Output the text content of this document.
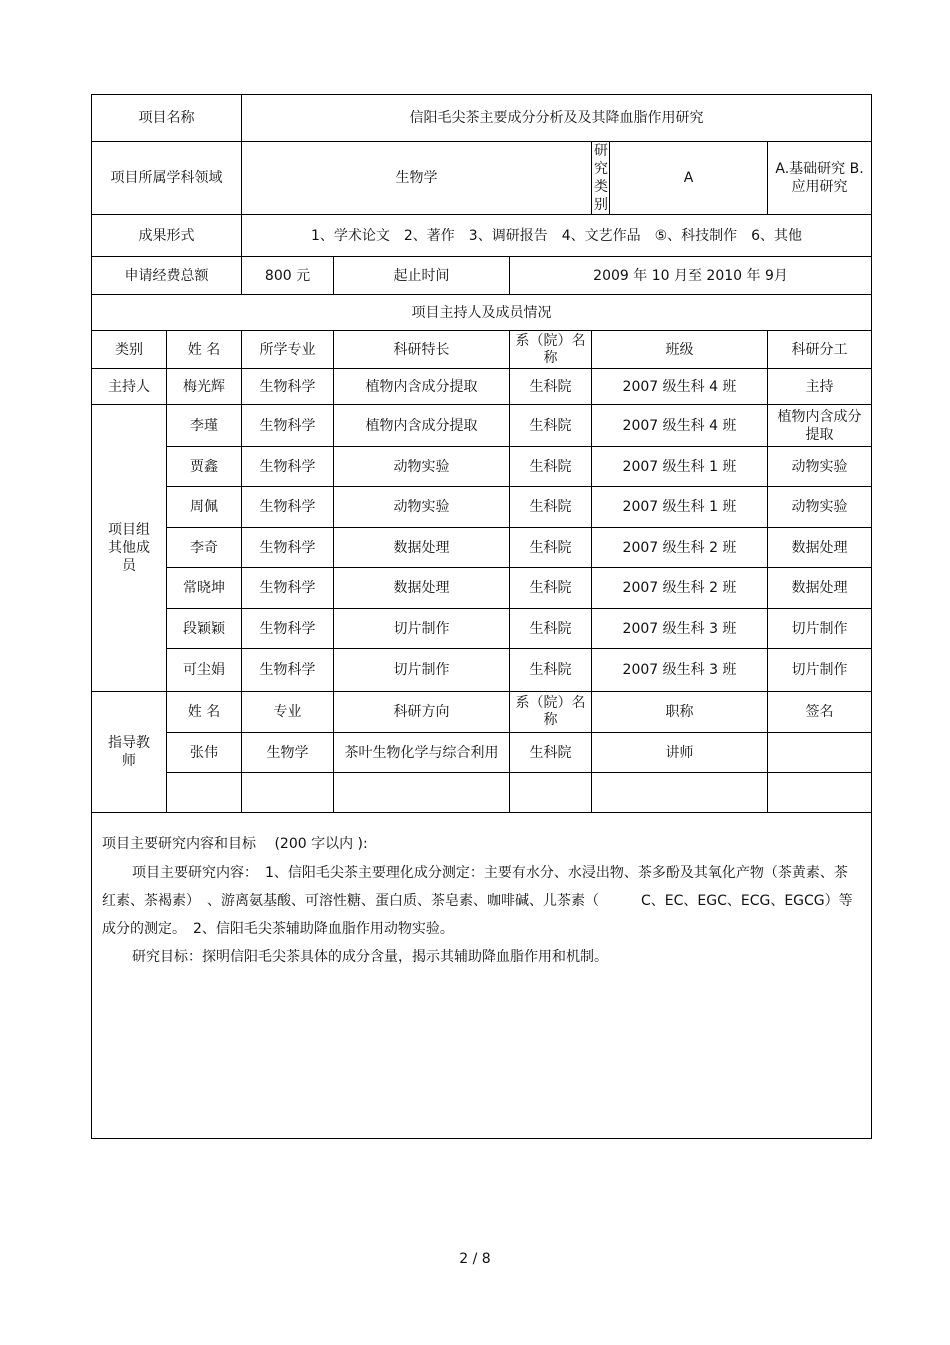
项目名称		信阳毛尖茶主要成分分析及及其降血脂作用研究					
项目所属学科领域		生物学			研究类别	A	A.基础研究 B.应用研究
成果形式		1、学术论文　2、著作　3、调研报告　4、文艺作品　⑤、科技制作　6、其他					
申请经费总额		800 元	起止时间	2009 年 10 月至 2010 年 9月			
项目主持人及成员情况							
类别	姓 名	所学专业	科研特长	系（院）名称	班级		科研分工
主持人	梅光辉	生物科学	植物内含成分提取	生科院	2007 级生科 4 班		主持
项目组其他成员	李瑾	生物科学	植物内含成分提取	生科院	2007 级生科 4 班		植物内含成分提取
	贾鑫	生物科学	动物实验	生科院	2007 级生科 1 班		动物实验
	周佩	生物科学	动物实验	生科院	2007 级生科 1 班		动物实验
	李奇	生物科学	数据处理	生科院	2007 级生科 2 班		数据处理
	常晓坤	生物科学	数据处理	生科院	2007 级生科 2 班		数据处理
	段颖颖	生物科学	切片制作	生科院	2007 级生科 3 班		切片制作
	可尘娟	生物科学	切片制作	生科院	2007 级生科 3 班		切片制作
指导教师	姓 名	专业	科研方向	系（院）名称	职称		签名
	张伟	生物学	茶叶生物化学与综合利用	生科院	讲师		

项目主要研究内容和目标　 (200 字以内 ):
项目主要研究内容：　1、信阳毛尖茶主要理化成分测定：主要有水分、水浸出物、茶多酚及其氧化产物（茶黄素、茶红素、茶褐素）　、游离氨基酸、可溶性糖、蛋白质、茶皂素、咖啡碱、儿茶素（　　　C、EC、EGC、ECG、EGCG）等成分的测定。　2、信阳毛尖茶辅助降血脂作用动物实验。
研究目标：探明信阳毛尖茶具体的成分含量，揭示其辅助降血脂作用和机制。							
2 / 8
